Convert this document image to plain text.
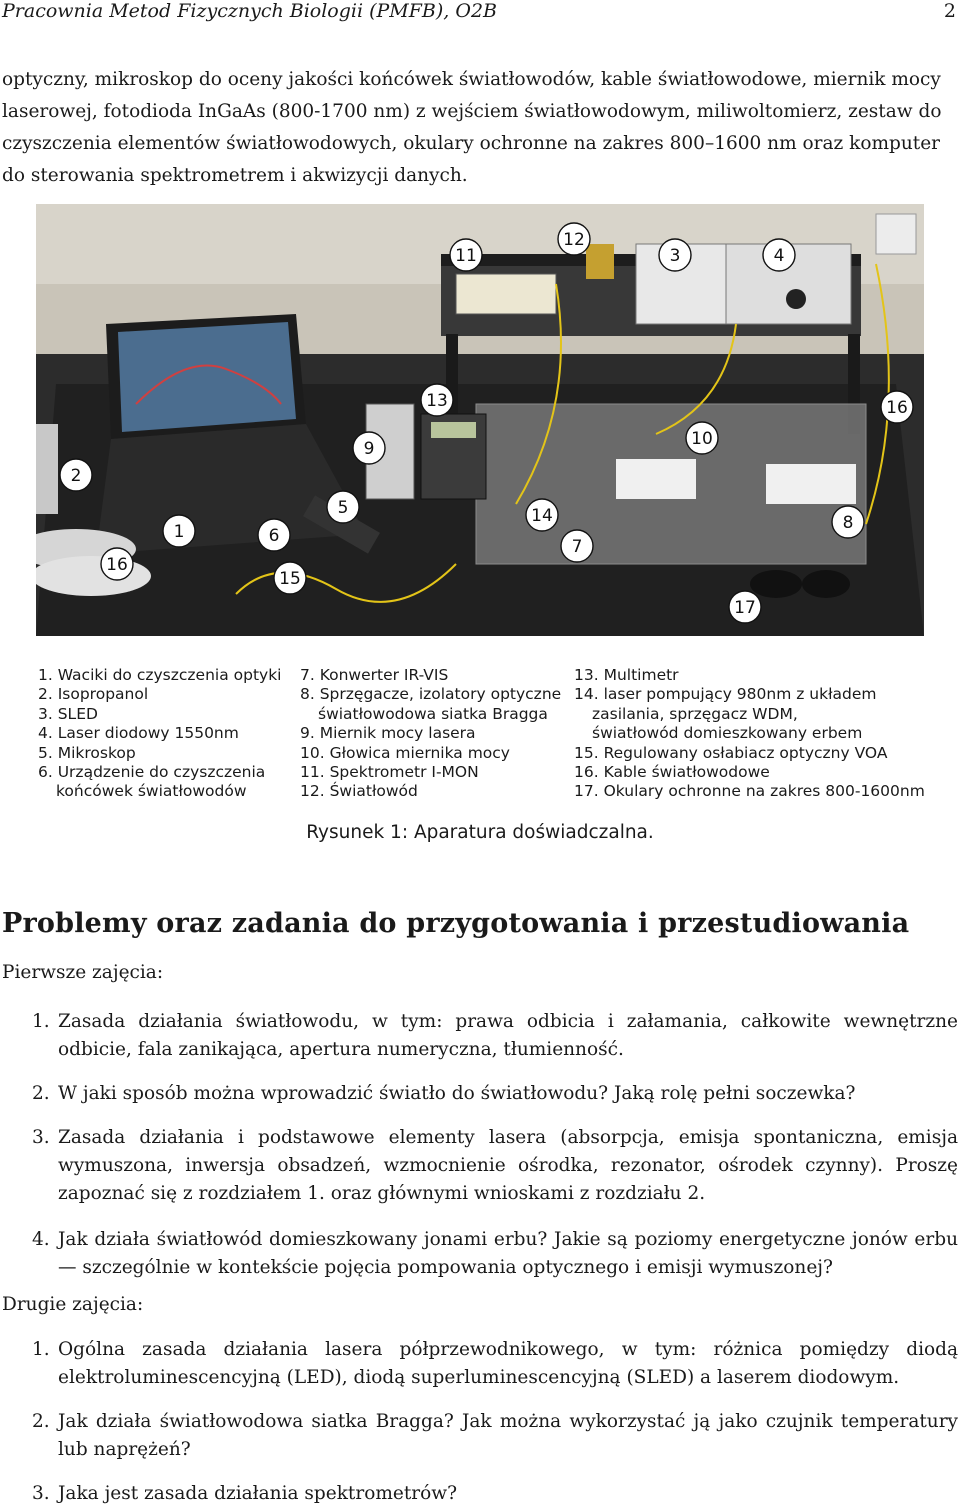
Pracownia Metod Fizycznych Biologii (PMFB), O2B	2
optyczny, mikroskop do oceny jakości końcówek światłowodów, kable światłowodowe, miernik mocy laserowej, fotodioda InGaAs (800-1700 nm) z wejściem światłowodowym, miliwoltomierz, zestaw do czyszczenia elementów światłowodowych, okulary ochronne na zakres 800–1600 nm oraz komputer do sterowania spektrometrem i akwizycji danych.
1
2
3	4
5
6
7
8
9	10
11
12
13
14
15
16
16
17
1. Waciki do czyszczenia optyki
2. Isopropanol
3. SLED
4. Laser diodowy 1550nm
5. Mikroskop
6. Urządzenie do czyszczenia
końcówek światłowodów
7. Konwerter IR-VIS
8. Sprzęgacze, izolatory optyczne
światłowodowa siatka Bragga
9. Miernik mocy lasera
10. Głowica miernika mocy
11. Spektrometr I-MON
12. Światłowód
13. Multimetr
14. laser pompujący 980nm z układem
zasilania, sprzęgacz WDM,
światłowód domieszkowany erbem
15. Regulowany osłabiacz optyczny VOA
16. Kable światłowodowe
17. Okulary ochronne na zakres 800-1600nm
Rysunek 1: Aparatura doświadczalna.
Problemy oraz zadania do przygotowania i przestudiowania
Pierwsze zajęcia:
1. Zasada działania światłowodu, w tym: prawa odbicia i załamania, całkowite wewnętrzne odbicie, fala zanikająca, apertura numeryczna, tłumienność.
2. W jaki sposób można wprowadzić światło do światłowodu? Jaką rolę pełni soczewka?
3. Zasada działania i podstawowe elementy lasera (absorpcja, emisja spontaniczna, emisja wymuszona, inwersja obsadzeń, wzmocnienie ośrodka, rezonator, ośrodek czynny). Proszę zapoznać się z rozdziałem 1. oraz głównymi wnioskami z rozdziału 2.
4. Jak działa światłowód domieszkowany jonami erbu? Jakie są poziomy energetyczne jonów erbu — szczególnie w kontekście pojęcia pompowania optycznego i emisji wymuszonej?
Drugie zajęcia:
1. Ogólna zasada działania lasera półprzewodnikowego, w tym: różnica pomiędzy diodą elektroluminescencyjną (LED), diodą superluminescencyjną (SLED) a laserem diodowym.
2. Jak działa światłowodowa siatka Bragga? Jak można wykorzystać ją jako czujnik temperatury lub naprężeń?
3. Jaka jest zasada działania spektrometrów?
